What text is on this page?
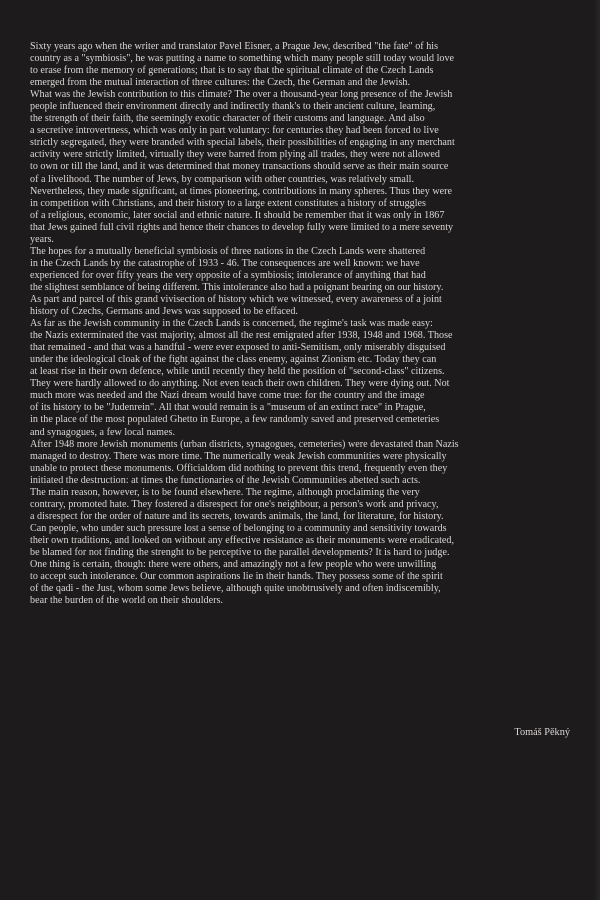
Sixty years ago when the writer and translator Pavel Eisner, a Prague Jew, described "the fate" of his
country as a "symbiosis", he was putting a name to something which many people still today would love
to erase from the memory of generations; that is to say that the spiritual climate of the Czech Lands
emerged from the mutual interaction of three cultures: the Czech, the German and the Jewish.
What was the Jewish contribution to this climate? The over a thousand-year long presence of the Jewish
people influenced their environment directly and indirectly thank's to their ancient culture, learning,
the strength of their faith, the seemingly exotic character of their customs and language. And also
a secretive introvertness, which was only in part voluntary: for centuries they had been forced to live
strictly segregated, they were branded with special labels, their possibilities of engaging in any merchant
activity were strictly limited, virtually they were barred from plying all trades, they were not allowed
to own or till the land, and it was determined that money transactions should serve as their main source
of a livelihood. The number of Jews, by comparison with other countries, was relatively small.
Nevertheless, they made significant, at times pioneering, contributions in many spheres. Thus they were
in competition with Christians, and their history to a large extent constitutes a history of struggles
of a religious, economic, later social and ethnic nature. It should be remember that it was only in 1867
that Jews gained full civil rights and hence their chances to develop fully were limited to a mere seventy
years.
The hopes for a mutually beneficial symbiosis of three nations in the Czech Lands were shattered
in the Czech Lands by the catastrophe of 1933 - 46. The consequences are well known: we have
experienced for over fifty years the very opposite of a symbiosis; intolerance of anything that had
the slightest semblance of being different. This intolerance also had a poignant bearing on our history.
As part and parcel of this grand vivisection of history which we witnessed, every awareness of a joint
history of Czechs, Germans and Jews was supposed to be effaced.
As far as the Jewish community in the Czech Lands is concerned, the regime's task was made easy:
the Nazis exterminated the vast majority, almost all the rest emigrated after 1938, 1948 and 1968. Those
that remained - and that was a handful - were ever exposed to anti-Semitism, only miserably disguised
under the ideological cloak of the fight against the class enemy, against Zionism etc. Today they can
at least rise in their own defence, while until recently they held the position of "second-class" citizens.
They were hardly allowed to do anything. Not even teach their own children. They were dying out. Not
much more was needed and the Nazi dream would have come true: for the country and the image
of its history to be "Judenrein". All that would remain is a "museum of an extinct race" in Prague,
in the place of the most populated Ghetto in Europe, a few randomly saved and preserved cemeteries
and synagogues, a few local names.
After 1948 more Jewish monuments (urban districts, synagogues, cemeteries) were devastated than Nazis
managed to destroy. There was more time. The numerically weak Jewish communities were physically
unable to protect these monuments. Officialdom did nothing to prevent this trend, frequently even they
initiated the destruction: at times the functionaries of the Jewish Communities abetted such acts.
The main reason, however, is to be found elsewhere. The regime, although proclaiming the very
contrary, promoted hate. They fostered a disrespect for one's neighbour, a person's work and privacy,
a disrespect for the order of nature and its secrets, towards animals, the land, for literature, for history.
Can people, who under such pressure lost a sense of belonging to a community and sensitivity towards
their own traditions, and looked on without any effective resistance as their monuments were eradicated,
be blamed for not finding the strenght to be perceptive to the parallel developments? It is hard to judge.
One thing is certain, though: there were others, and amazingly not a few people who were unwilling
to accept such intolerance. Our common aspirations lie in their hands. They possess some of the spirit
of the qadi - the Just, whom some Jews believe, although quite unobtrusively and often indiscernibly,
bear the burden of the world on their shoulders.
Tomáš Pěkný
